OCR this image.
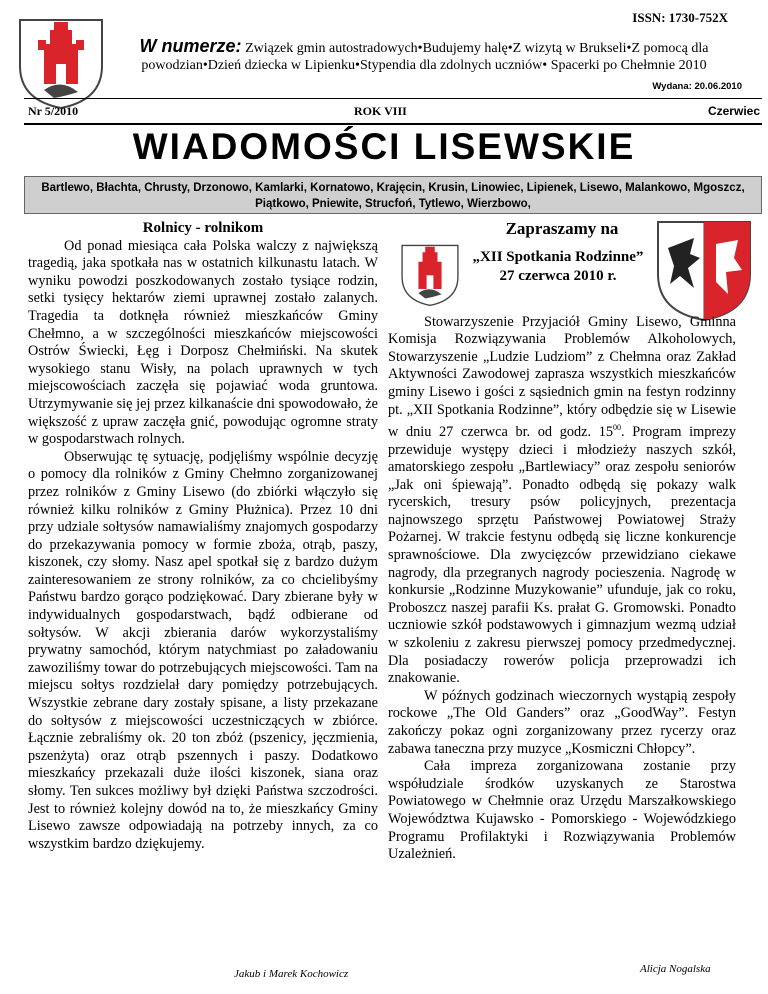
ISSN: 1730-752X
W numerze: Związek gmin autostradowych•Budujemy halę•Z wizytą w Brukseli•Z pomocą dla powodzian•Dzień dziecka w Lipienku•Stypendia dla zdolnych uczniów• Spacerki po Chełmnie 2010
Wydana: 20.06.2010
Nr 5/2010	ROK VIII	Czerwiec
WIADOMOŚCI LISEWSKIE
Bartlewo, Błachta, Chrusty, Drzonowo, Kamlarki, Kornatowo, Krajęcin, Krusin, Linowiec, Lipienek, Lisewo, Malankowo, Mgoszcz, Piątkowo, Pniewite, Strucfoń, Tytlewo, Wierzbowo,
Rolnicy - rolnikom

Od ponad miesiąca cała Polska walczy z największą tragedią, jaka spotkała nas w ostatnich kilkunastu latach. W wyniku powodzi poszkodowanych zostało tysiące rodzin, setki tysięcy hektarów ziemi uprawnej zostało zalanych. Tragedia ta dotknęła również mieszkańców Gminy Chełmno, a w szczególności mieszkańców miejscowości Ostrów Świecki, Łęg i Dorposz Chełmiński. Na skutek wysokiego stanu Wisły, na polach uprawnych w tych miejscowościach zaczęła się pojawiać woda gruntowa. Utrzymywanie się jej przez kilkanaście dni spowodowało, że większość z upraw zaczęła gnić, powodując ogromne straty w gospodarstwach rolnych.

Obserwując tę sytuację, podjęliśmy wspólnie decyzję o pomocy dla rolników z Gminy Chełmno zorganizowanej przez rolników z Gminy Lisewo (do zbiórki włączyło się również kilku rolników z Gminy Płużnica). Przez 10 dni przy udziale sołtysów namawialiśmy znajomych gospodarzy do przekazywania pomocy w formie zboża, otrąb, paszy, kiszonek, czy słomy. Nasz apel spotkał się z bardzo dużym zainteresowaniem ze strony rolników, za co chcielibyśmy Państwu bardzo gorąco podziękować. Dary zbierane były w indywidualnych gospodarstwach, bądź odbierane od sołtysów. W akcji zbierania darów wykorzystaliśmy prywatny samochód, którym natychmiast po załadowaniu zawoziliśmy towar do potrzebujących miejscowości. Tam na miejscu sołtys rozdzielał dary pomiędzy potrzebujących. Wszystkie zebrane dary zostały spisane, a listy przekazane do sołtysów z miejscowości uczestniczących w zbiórce. Łącznie zebraliśmy ok. 20 ton zbóż (pszenicy, jęczmienia, pszenżyta) oraz otrąb pszennych i paszy. Dodatkowo mieszkańcy przekazali duże ilości kiszonek, siana oraz słomy. Ten sukces możliwy był dzięki Państwa szczodrości. Jest to również kolejny dowód na to, że mieszkańcy Gminy Lisewo zawsze odpowiadają na potrzeby innych, za co wszystkim bardzo dziękujemy.

Jakub i Marek Kochowicz
Zapraszamy na
„XII Spotkania Rodzinne”
27 czerwca 2010 r.

Stowarzyszenie Przyjaciół Gminy Lisewo, Gminna Komisja Rozwiązywania Problemów Alkoholowych, Stowarzyszenie „Ludzie Ludziom” z Chełmna oraz Zakład Aktywności Zawodowej zaprasza wszystkich mieszkańców gminy Lisewo i gości z sąsiednich gmin na festyn rodzinny pt. „XII Spotkania Rodzinne”, który odbędzie się w Lisewie w dniu 27 czerwca br. od godz. $15^{00}$. Program imprezy przewiduje występy dzieci i młodzieży naszych szkół, amatorskiego zespołu „Bartlewiacy” oraz zespołu seniorów „Jak oni śpiewają”. Ponadto odbędą się pokazy walk rycerskich, tresury psów policyjnych, prezentacja najnowszego sprzętu Państwowej Powiatowej Straży Pożarnej. W trakcie festynu odbędą się liczne konkurencje sprawnościowe. Dla zwycięzców przewidziano ciekawe nagrody, dla przegranych nagrody pocieszenia. Nagrodę w konkursie „Rodzinne Muzykowanie” ufunduje, jak co roku, Proboszcz naszej parafii Ks. prałat G. Gromowski. Ponadto uczniowie szkół podstawowych i gimnazjum wezmą udział w szkoleniu z zakresu pierwszej pomocy przedmedycznej. Dla posiadaczy rowerów policja przeprowadzi ich znakowanie.

W późnych godzinach wieczornych wystąpią zespoły rockowe „The Old Ganders” oraz „GoodWay”. Festyn zakończy pokaz ogni zorganizowany przez rycerzy oraz zabawa taneczna przy muzyce „Kosmiczni Chłopcy”.

Cała impreza zorganizowana zostanie przy współudziale środków uzyskanych ze Starostwa Powiatowego w Chełmnie oraz Urzędu Marszałkowskiego Województwa Kujawsko - Pomorskiego - Wojewódzkiego Programu Profilaktyki i Rozwiązywania Problemów Uzależnień.

Alicja Nogalska
